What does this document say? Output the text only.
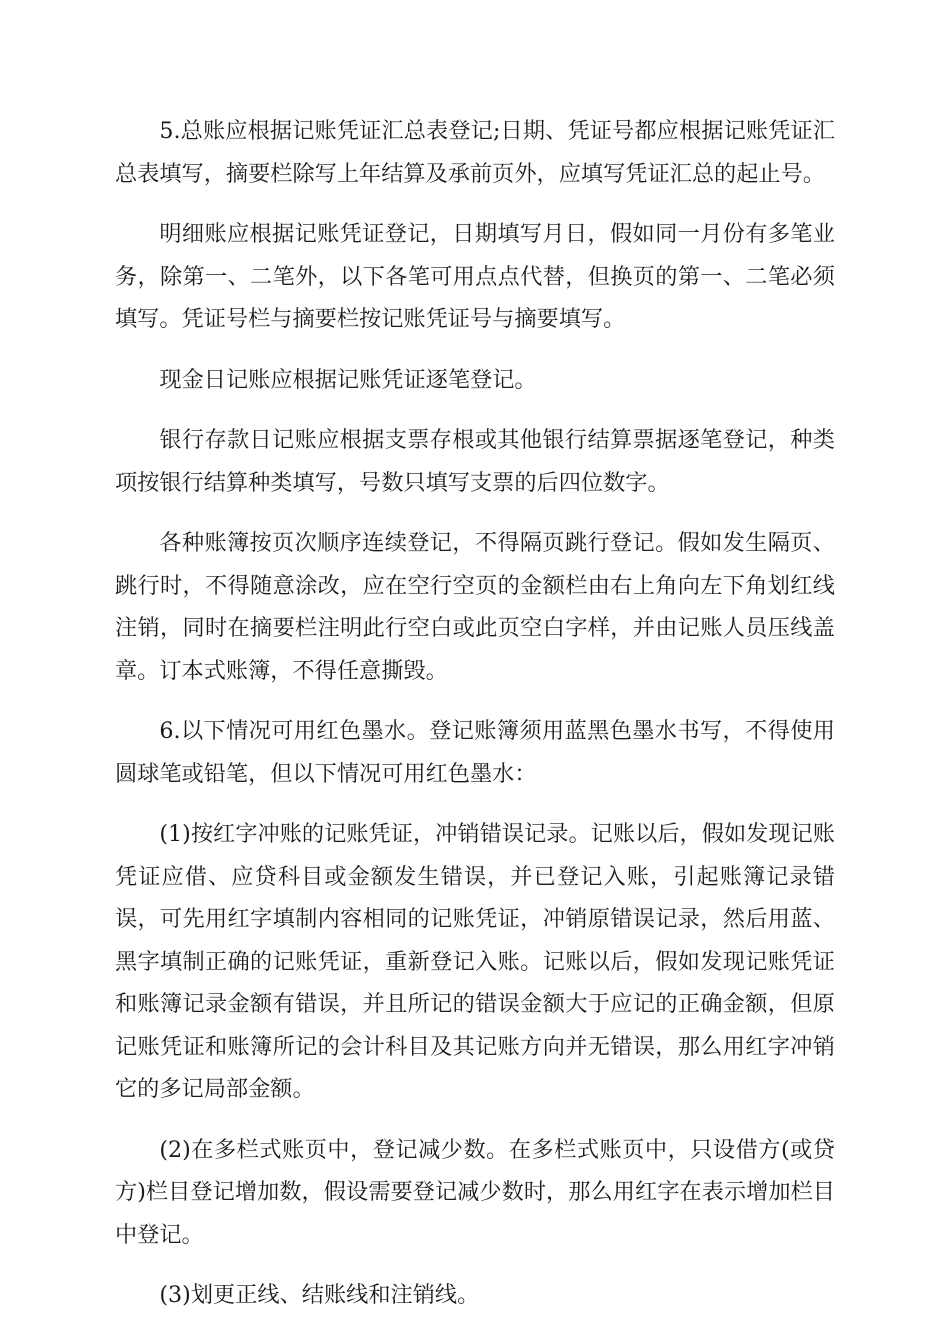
5.总账应根据记账凭证汇总表登记;日期、凭证号都应根据记账凭证汇总表填写，摘要栏除写上年结算及承前页外，应填写凭证汇总的起止号。

明细账应根据记账凭证登记，日期填写月日，假如同一月份有多笔业务，除第一、二笔外，以下各笔可用点点代替，但换页的第一、二笔必须填写。凭证号栏与摘要栏按记账凭证号与摘要填写。

现金日记账应根据记账凭证逐笔登记。

银行存款日记账应根据支票存根或其他银行结算票据逐笔登记，种类项按银行结算种类填写，号数只填写支票的后四位数字。

各种账簿按页次顺序连续登记，不得隔页跳行登记。假如发生隔页、跳行时，不得随意涂改，应在空行空页的金额栏由右上角向左下角划红线注销，同时在摘要栏注明此行空白或此页空白字样，并由记账人员压线盖章。订本式账簿，不得任意撕毁。

6.以下情况可用红色墨水。登记账簿须用蓝黑色墨水书写，不得使用圆球笔或铅笔，但以下情况可用红色墨水：

(1)按红字冲账的记账凭证，冲销错误记录。记账以后，假如发现记账凭证应借、应贷科目或金额发生错误，并已登记入账，引起账簿记录错误，可先用红字填制内容相同的记账凭证，冲销原错误记录，然后用蓝、黑字填制正确的记账凭证，重新登记入账。记账以后，假如发现记账凭证和账簿记录金额有错误，并且所记的错误金额大于应记的正确金额，但原记账凭证和账簿所记的会计科目及其记账方向并无错误，那么用红字冲销它的多记局部金额。

(2)在多栏式账页中，登记减少数。在多栏式账页中，只设借方(或贷方)栏目登记增加数，假设需要登记减少数时，那么用红字在表示增加栏目中登记。

(3)划更正线、结账线和注销线。
